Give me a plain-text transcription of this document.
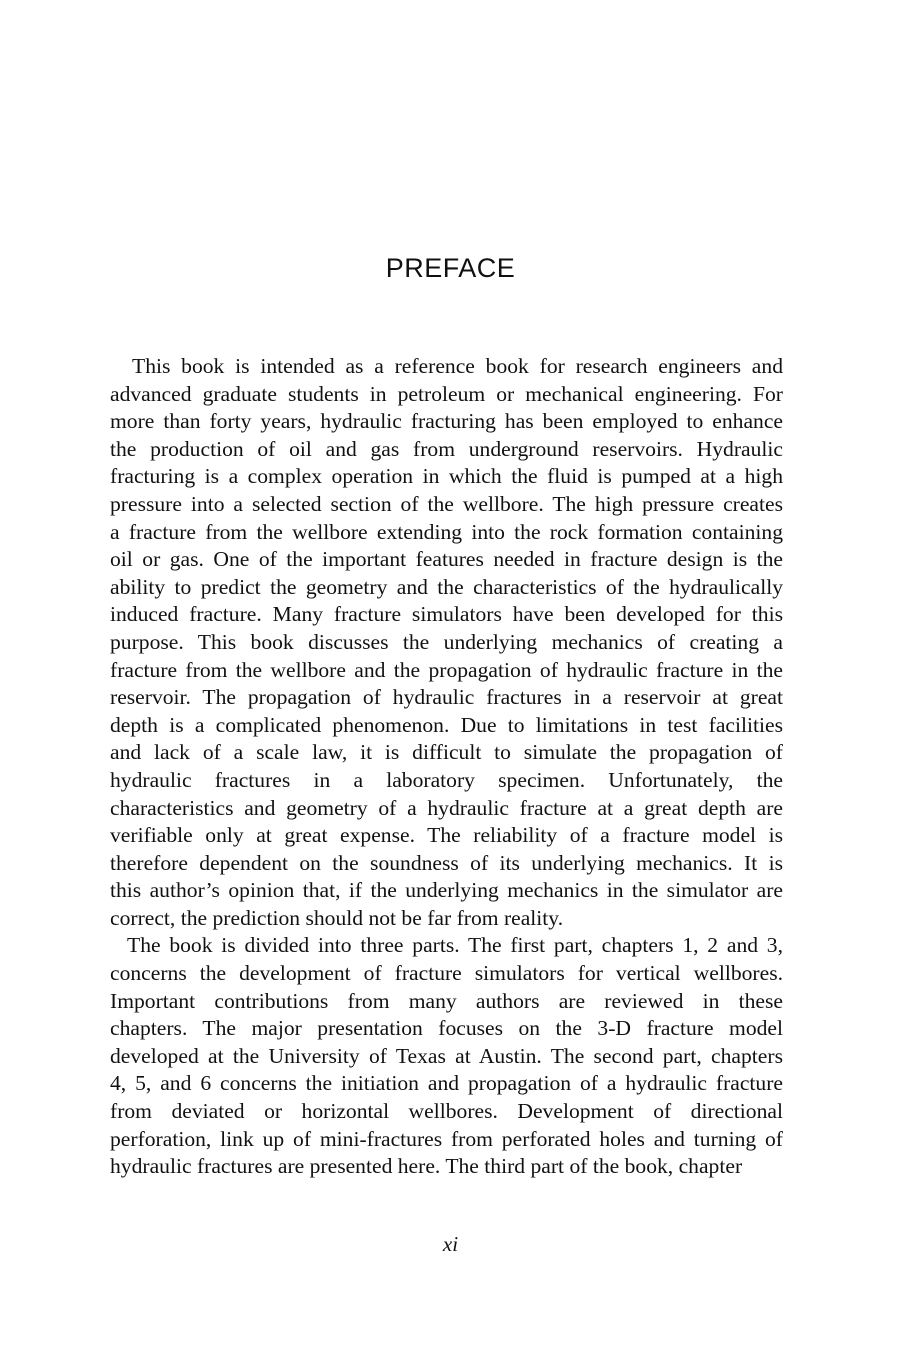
PREFACE

This book is intended as a reference book for research engineers and

advanced graduate students in petroleum or mechanical engineering. For

more than forty years, hydraulic fracturing has been employed to enhance

the production of oil and gas from underground reservoirs. Hydraulic

fracturing is a complex operation in which the fluid is pumped at a high

pressure into a selected section of the wellbore. The high pressure creates

a fracture from the wellbore extending into the rock formation containing

oil or gas. One of the important features needed in fracture design is the

ability to predict the geometry and the characteristics of the hydraulically

induced fracture. Many fracture simulators have been developed for this

purpose. This book discusses the underlying mechanics of creating a

fracture from the wellbore and the propagation of hydraulic fracture in the

reservoir. The propagation of hydraulic fractures in a reservoir at great

depth is a complicated phenomenon. Due to limitations in test facilities

and lack of a scale law, it is difficult to simulate the propagation of

hydraulic fractures in a laboratory specimen. Unfortunately, the

characteristics and geometry of a hydraulic fracture at a great depth are

verifiable only at great expense. The reliability of a fracture model is

therefore dependent on the soundness of its underlying mechanics. It is

this author’s opinion that, if the underlying mechanics in the simulator are

correct, the prediction should not be far from reality.

The book is divided into three parts. The first part, chapters 1, 2 and 3,

concerns the development of fracture simulators for vertical wellbores.

Important contributions from many authors are reviewed in these

chapters. The major presentation focuses on the 3-D fracture model

developed at the University of Texas at Austin. The second part, chapters

4, 5, and 6 concerns the initiation and propagation of a hydraulic fracture

from deviated or horizontal wellbores. Development of directional

perforation, link up of mini-fractures from perforated holes and turning of

hydraulic fractures are presented here. The third part of the book, chapter

xi
